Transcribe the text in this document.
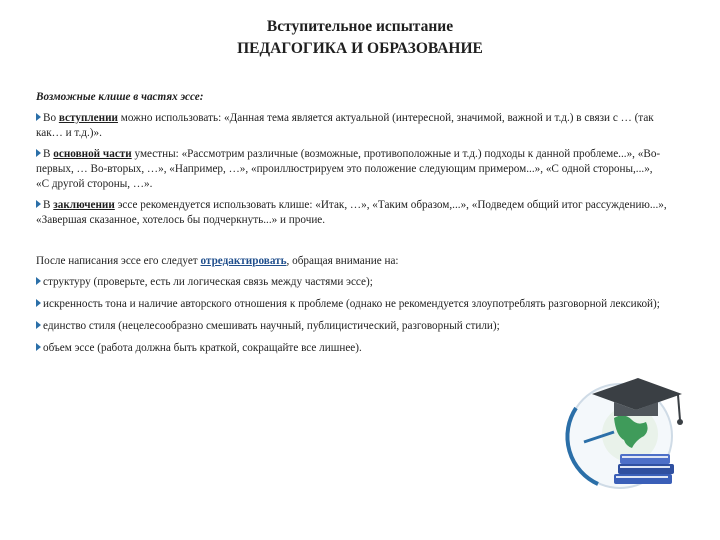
Вступительное испытание
ПЕДАГОГИКА И ОБРАЗОВАНИЕ

Возможные клише в частях эссе:

Во вступлении можно использовать: «Данная тема является актуальной (интересной, значимой, важной и т.д.) в связи с … (так как… и т.д.)».

В основной части уместны: «Рассмотрим различные (возможные, противоположные и т.д.) подходы к данной проблеме...», «Во-первых, … Во-вторых, …», «Например, …», «проиллюстрируем это положение следующим примером...», «С одной стороны,...», «С другой стороны, …».

В заключении эссе рекомендуется использовать клише: «Итак, …», «Таким образом,...», «Подведем общий итог рассуждению...», «Завершая сказанное, хотелось бы подчеркнуть...» и прочие.

После написания эссе его следует отредактировать, обращая внимание на:

структуру (проверьте, есть ли логическая связь между частями эссе);

искренность тона и наличие авторского отношения к проблеме (однако не рекомендуется злоупотреблять разговорной лексикой);

единство стиля (нецелесообразно смешивать научный, публицистический, разговорный стили);

объем эссе (работа должна быть краткой, сокращайте все лишнее).
